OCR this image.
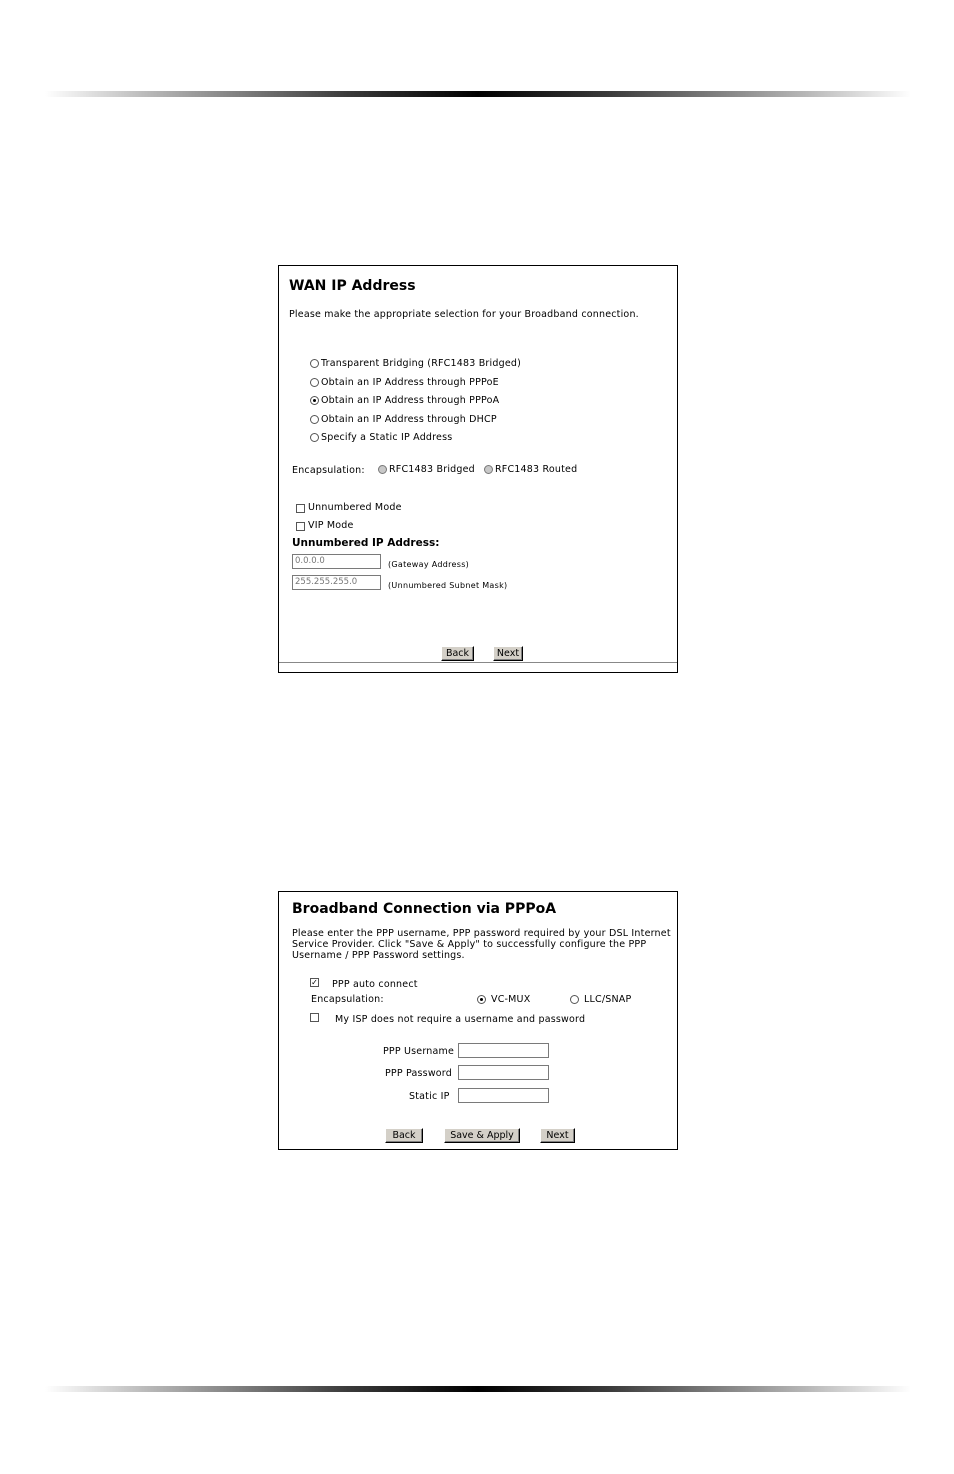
WAN IP Address
Please make the appropriate selection for your Broadband connection.
Transparent Bridging (RFC1483 Bridged)
Obtain an IP Address through PPPoE
Obtain an IP Address through PPPoA
Obtain an IP Address through DHCP
Specify a Static IP Address
Encapsulation:	RFC1483 Bridged RFC1483 Routed
Unnumbered Mode
VIP Mode
Unnumbered IP Address:
0.0.0.0	(Gateway Address)
255.255.255.0	(Unnumbered Subnet Mask)
Back	Next
Broadband Connection via PPPoA
Please enter the PPP username, PPP password required by your DSL Internet
Service Provider. Click "Save & Apply" to successfully configure the PPP
Username / PPP Password settings.
✓ PPP auto connect
Encapsulation:	VC-MUX	LLC/SNAP
My ISP does not require a username and password
PPP Username
PPP Password
Static IP
Back	Save & Apply	Next
